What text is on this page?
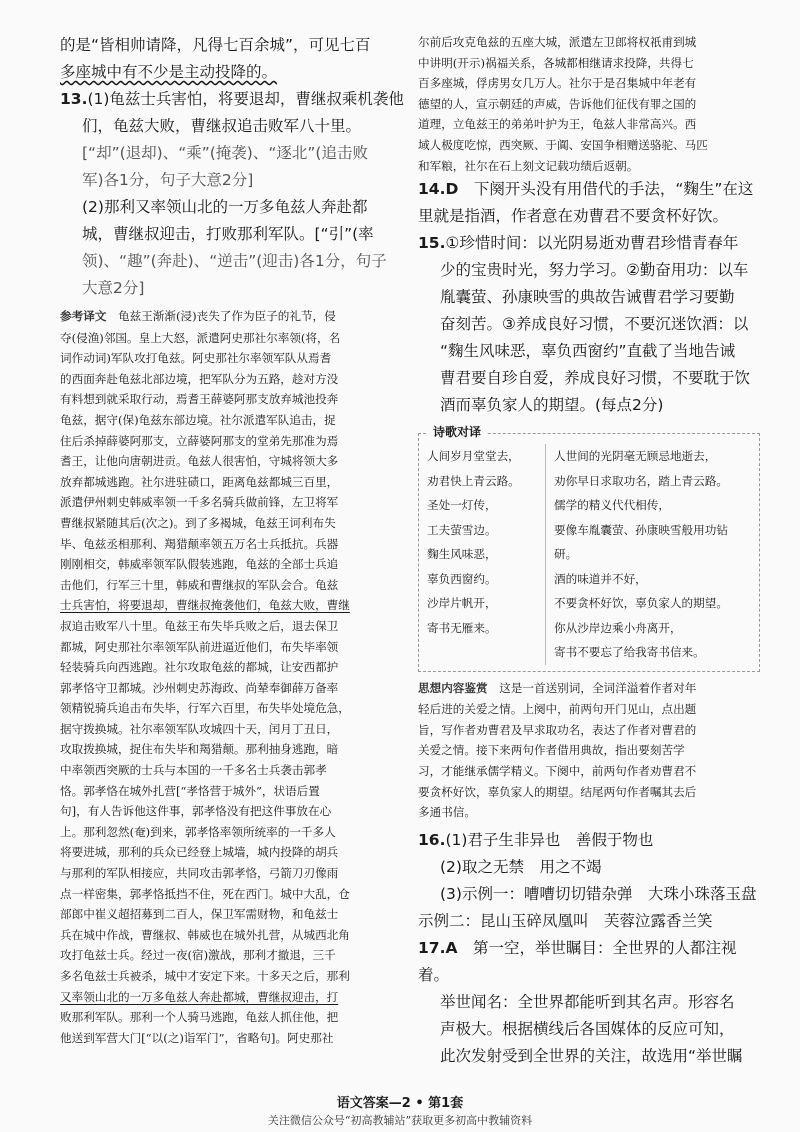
的是“皆相帅请降，凡得七百余城”，可见七百

多座城中有不少是主动投降的。

13.(1)龟兹士兵害怕，将要退却，曹继叔乘机袭他

们，龟兹大败，曹继叔追击败军八十里。

[“却”(退却)、“乘”(掩袭)、“逐北”(追击败

军)各1分，句子大意2分]

(2)那利又率领山北的一万多龟兹人奔赴都

城，曹继叔迎击，打败那利军队。[“引”(率

领)、“趣”(奔赴)、“逆击”(迎击)各1分，句子

大意2分]

参考译文　 龟兹王渐渐(浸)丧失了作为臣子的礼节，侵

夺(侵渔)邻国。皇上大怒，派遣阿史那社尔率领(将，名

词作动词)军队攻打龟兹。阿史那社尔率领军队从焉耆

的西面奔赴龟兹北部边境，把军队分为五路，趁对方没

有料想到就采取行动，焉耆王薛婆阿那支放弃城池投奔

龟兹，据守(保)龟兹东部边境。社尔派遣军队追击，捉

住后杀掉薛婆阿那支，立薛婆阿那支的堂弟先那准为焉

耆王，让他向唐朝进贡。龟兹人很害怕，守城将领大多

放弃都城逃跑。社尔进驻碛口，距离龟兹都城三百里，

派遣伊州刺史韩威率领一千多名骑兵做前锋，左卫将军

曹继叔紧随其后(次之)。到了多褐城，龟兹王诃利布失

毕、龟兹丞相那利、羯猎颠率领五万名士兵抵抗。兵器

刚刚相交，韩威率领军队假装逃跑，龟兹的全部士兵追

击他们，行军三十里，韩威和曹继叔的军队会合。龟兹

士兵害怕，将要退却，曹继叔掩袭他们，龟兹大败，曹继

叔追击败军八十里。龟兹王布失毕兵败之后，退去保卫

都城，阿史那社尔率领军队前进逼近他们，布失毕率领

轻装骑兵向西逃跑。社尔攻取龟兹的都城，让安西都护

郭孝恪守卫都城。沙州刺史苏海政、尚辇奉御薛万备率

领精锐骑兵追击布失毕，行军六百里，布失毕处境危急，

据守拨换城。社尔率领军队攻城四十天，闰月丁丑日，

攻取拨换城，捉住布失毕和羯猎颠。那利抽身逃跑，暗

中率领西突厥的士兵与本国的一千多名士兵袭击郭孝

恪。郭孝恪在城外扎营[“孝恪营于城外”，状语后置

句]，有人告诉他这件事，郭孝恪没有把这件事放在心

上。那利忽然(奄)到来，郭孝恪率领所统率的一千多人

将要进城，那利的兵众已经登上城墙，城内投降的胡兵

与那利的军队相接应，共同攻击郭孝恪，弓箭刀刃像雨

点一样密集，郭孝恪抵挡不住，死在西门。城中大乱，仓

部郎中崔义超招募到二百人，保卫军需财物，和龟兹士

兵在城中作战，曹继叔、韩威也在城外扎营，从城西北角

攻打龟兹士兵。经过一夜(宿)激战，那利才撤退，三千

多名龟兹士兵被杀，城中才安定下来。十多天之后，那利

又率领山北的一万多龟兹人奔赴都城，曹继叔迎击，打

败那利军队。那利一个人骑马逃跑，龟兹人抓住他，把

他送到军营大门[“以(之)诣军门”，省略句]。阿史那社

尔前后攻克龟兹的五座大城，派遣左卫郎将权祇甫到城

中讲明(开示)祸福关系，各城都相继请求投降，共得七

百多座城，俘虏男女几万人。社尔于是召集城中年老有

德望的人，宣示朝廷的声威，告诉他们征伐有罪之国的

道理，立龟兹王的弟弟叶护为王，龟兹人非常高兴。西

域人极度吃惊，西突厥、于阗、安国争相赠送骆驼、马匹

和军粮，社尔在石上刻文记载功绩后返朝。

14.D　 下阕开头没有用借代的手法，“麴生”在这

里就是指酒，作者意在劝曹君不要贪杯好饮。

15.①珍惜时间：以光阴易逝劝曹君珍惜青春年

少的宝贵时光，努力学习。②勤奋用功：以车

胤囊萤、孙康映雪的典故告诫曹君学习要勤

奋刻苦。③养成良好习惯，不要沉迷饮酒：以

“麴生风味恶，辜负西窗约”直截了当地告诫

曹君要自珍自爱，养成良好习惯，不要耽于饮

酒而辜负家人的期望。(每点2分)

诗歌对译
人间岁月堂堂去，
劝君快上青云路。
圣处一灯传，
工夫萤雪边。
麴生风味恶，
辜负西窗约。
沙岸片帆开，
寄书无雁来。
人世间的光阴毫无顾忌地逝去，
劝你早日求取功名，踏上青云路。
儒学的精义代代相传，
要像车胤囊萤、孙康映雪般用功钻研。
酒的味道并不好，
不要贪杯好饮，辜负家人的期望。
你从沙岸边乘小舟离开，
寄书不要忘了给我寄书信来。

思想内容鉴赏　 这是一首送别词，全词洋溢着作者对年

轻后进的关爱之情。上阕中，前两句开门见山，点出题

旨，写作者劝曹君及早求取功名，表达了作者对曹君的

关爱之情。接下来两句作者借用典故，指出要刻苦学

习，才能继承儒学精义。下阕中，前两句作者劝曹君不

要贪杯好饮，辜负家人的期望。结尾两句作者嘱其去后

多通书信。

16.(1)君子生非异也　善假于物也

(2)取之无禁　用之不竭

(3)示例一：嘈嘈切切错杂弹　大珠小珠落玉盘

示例二：昆山玉碎凤凰叫　芙蓉泣露香兰笑

17.A　 第一空，举世瞩目：全世界的人都注视着。

举世闻名：全世界都能听到其名声。形容名

声极大。根据横线后各国媒体的反应可知，

此次发射受到全世界的关注，故选用“举世瞩

语文答案—2 • 第1套
关注微信公众号“初高教辅站”获取更多初高中教辅资料
